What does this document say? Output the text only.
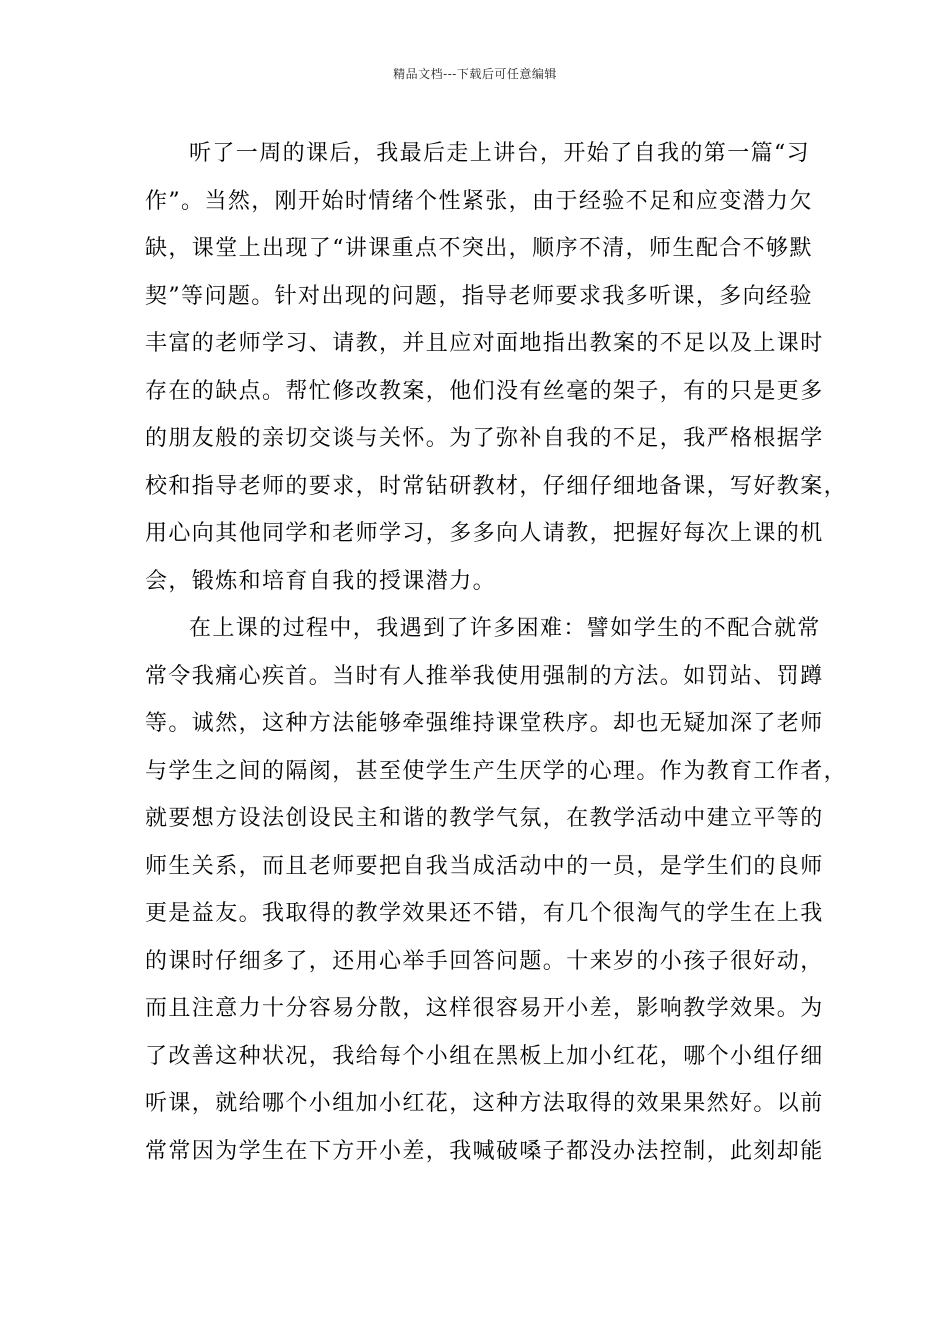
精品文档---下载后可任意编辑
听了一周的课后，我最后走上讲台，开始了自我的第一篇“习
作”。当然，刚开始时情绪个性紧张，由于经验不足和应变潜力欠
缺，课堂上出现了“讲课重点不突出，顺序不清，师生配合不够默
契”等问题。针对出现的问题，指导老师要求我多听课，多向经验
丰富的老师学习、请教，并且应对面地指出教案的不足以及上课时
存在的缺点。帮忙修改教案，他们没有丝毫的架子，有的只是更多
的朋友般的亲切交谈与关怀。为了弥补自我的不足，我严格根据学
校和指导老师的要求，时常钻研教材，仔细仔细地备课，写好教案，
用心向其他同学和老师学习，多多向人请教，把握好每次上课的机
会，锻炼和培育自我的授课潜力。
在上课的过程中，我遇到了许多困难：譬如学生的不配合就常
常令我痛心疾首。当时有人推举我使用强制的方法。如罚站、罚蹲
等。诚然，这种方法能够牵强维持课堂秩序。却也无疑加深了老师
与学生之间的隔阂，甚至使学生产生厌学的心理。作为教育工作者，
就要想方设法创设民主和谐的教学气氛，在教学活动中建立平等的
师生关系，而且老师要把自我当成活动中的一员，是学生们的良师
更是益友。我取得的教学效果还不错，有几个很淘气的学生在上我
的课时仔细多了，还用心举手回答问题。十来岁的小孩子很好动，
而且注意力十分容易分散，这样很容易开小差，影响教学效果。为
了改善这种状况，我给每个小组在黑板上加小红花，哪个小组仔细
听课，就给哪个小组加小红花，这种方法取得的效果果然好。以前
常常因为学生在下方开小差，我喊破嗓子都没办法控制，此刻却能
